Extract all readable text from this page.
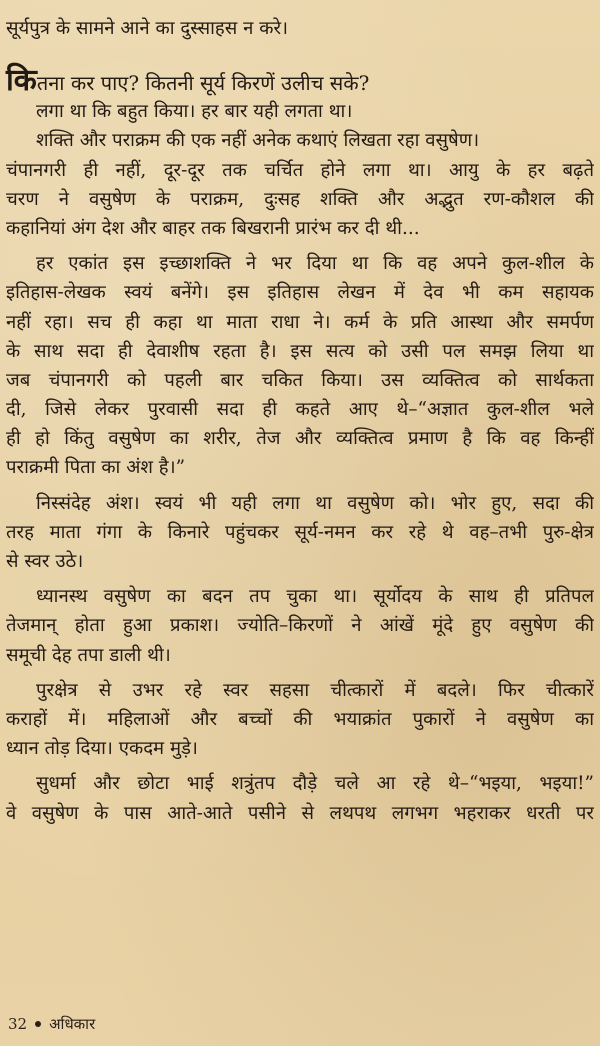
सूर्यपुत्र के सामने आने का दुस्साहस न करे।
कितना कर पाए? कितनी सूर्य किरणें उलीच सके?
लगा था कि बहुत किया। हर बार यही लगता था।
शक्ति और पराक्रम की एक नहीं अनेक कथाएं लिखता रहा वसुषेण।
चंपानगरी ही नहीं, दूर-दूर तक चर्चित होने लगा था। आयु के हर बढ़ते
चरण ने वसुषेण के पराक्रम, दुःसह शक्ति और अद्भुत रण-कौशल की
कहानियां अंग देश और बाहर तक बिखरानी प्रारंभ कर दी थी...
हर एकांत इस इच्छाशक्ति ने भर दिया था कि वह अपने कुल-शील के
इतिहास-लेखक स्वयं बनेंगे। इस इतिहास लेखन में देव भी कम सहायक
नहीं रहा। सच ही कहा था माता राधा ने। कर्म के प्रति आस्था और समर्पण
के साथ सदा ही देवाशीष रहता है। इस सत्य को उसी पल समझ लिया था
जब चंपानगरी को पहली बार चकित किया। उस व्यक्तित्व को सार्थकता
दी, जिसे लेकर पुरवासी सदा ही कहते आए थे–“अज्ञात कुल-शील भले
ही हो किंतु वसुषेण का शरीर, तेज और व्यक्तित्व प्रमाण है कि वह किन्हीं
पराक्रमी पिता का अंश है।”
निस्संदेह अंश। स्वयं भी यही लगा था वसुषेण को। भोर हुए, सदा की
तरह माता गंगा के किनारे पहुंचकर सूर्य-नमन कर रहे थे वह–तभी पुरु-क्षेत्र
से स्वर उठे।
ध्यानस्थ वसुषेण का बदन तप चुका था। सूर्योदय के साथ ही प्रतिपल
तेजमान् होता हुआ प्रकाश। ज्योति–किरणों ने आंखें मूंदे हुए वसुषेण की
समूची देह तपा डाली थी।
पुरक्षेत्र से उभर रहे स्वर सहसा चीत्कारों में बदले। फिर चीत्कारें
कराहों में। महिलाओं और बच्चों की भयाक्रांत पुकारों ने वसुषेण का
ध्यान तोड़ दिया। एकदम मुड़े।
सुधर्मा और छोटा भाई शत्रुंतप दौड़े चले आ रहे थे–“भइया, भइया!”
वे वसुषेण के पास आते-आते पसीने से लथपथ लगभग भहराकर धरती पर
32 अधिकार
